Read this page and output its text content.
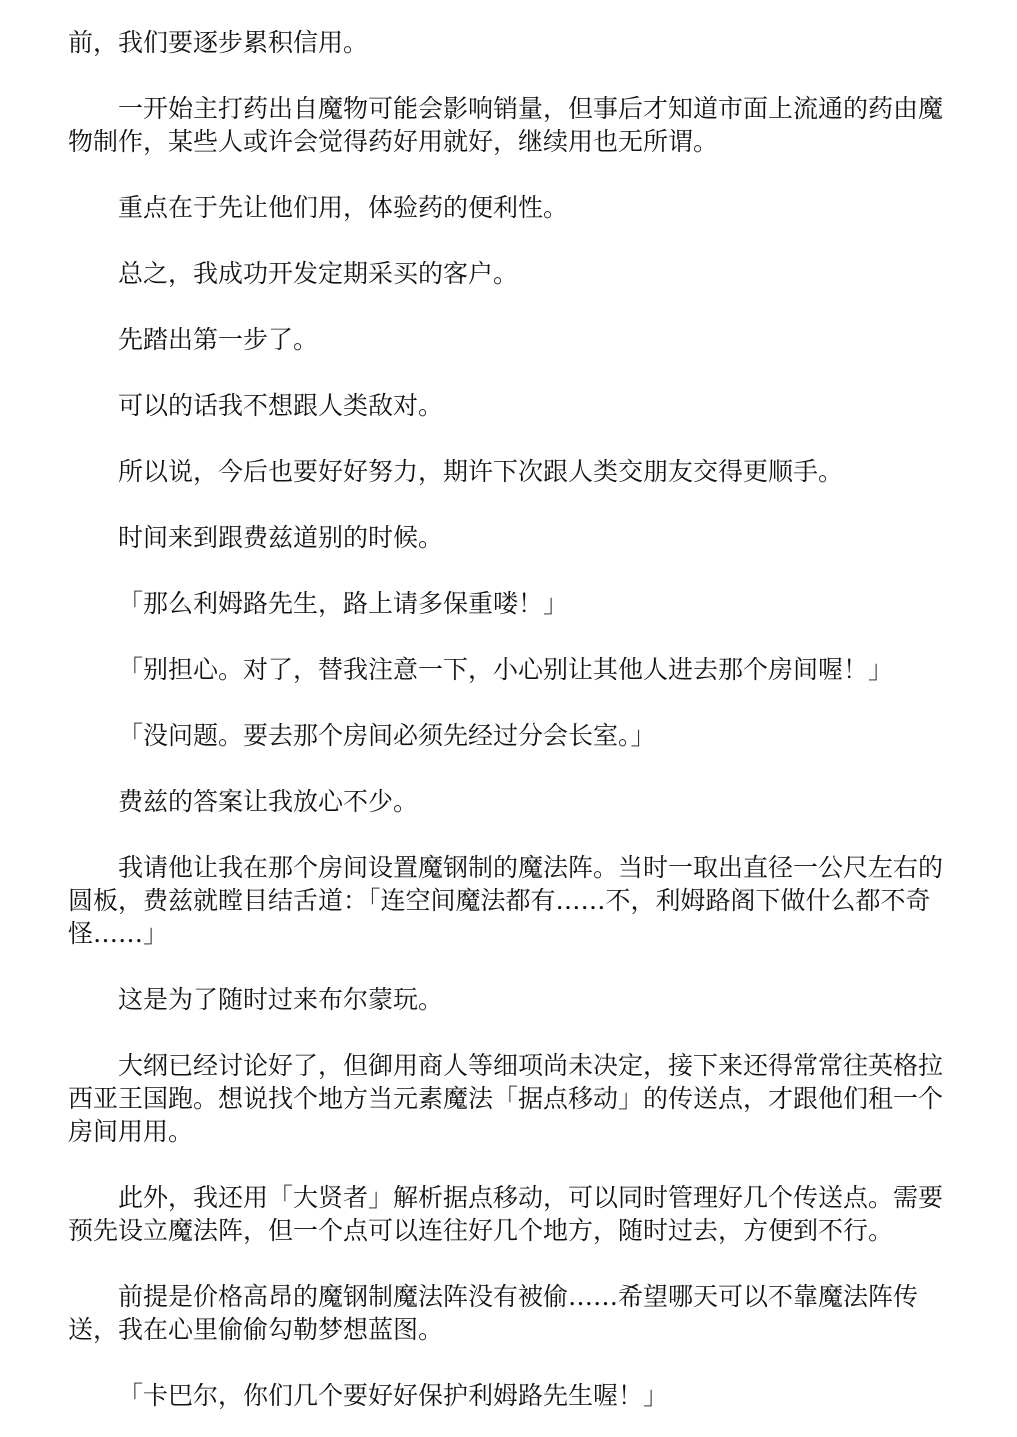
前，我们要逐步累积信用。

一开始主打药出自魔物可能会影响销量，但事后才知道市面上流通的药由魔物制作，某些人或许会觉得药好用就好，继续用也无所谓。

重点在于先让他们用，体验药的便利性。

总之，我成功开发定期采买的客户。

先踏出第一步了。

可以的话我不想跟人类敌对。

所以说，今后也要好好努力，期许下次跟人类交朋友交得更顺手。

时间来到跟费兹道别的时候。

「那么利姆路先生，路上请多保重喽！」

「别担心。对了，替我注意一下，小心别让其他人进去那个房间喔！」

「没问题。要去那个房间必须先经过分会长室。」

费兹的答案让我放心不少。

我请他让我在那个房间设置魔钢制的魔法阵。当时一取出直径一公尺左右的圆板，费兹就瞠目结舌道：「连空间魔法都有……不，利姆路阁下做什么都不奇怪……」

这是为了随时过来布尔蒙玩。

大纲已经讨论好了，但御用商人等细项尚未决定，接下来还得常常往英格拉西亚王国跑。想说找个地方当元素魔法「据点移动」的传送点，才跟他们租一个房间用用。

此外，我还用「大贤者」解析据点移动，可以同时管理好几个传送点。需要预先设立魔法阵，但一个点可以连往好几个地方，随时过去，方便到不行。

前提是价格高昂的魔钢制魔法阵没有被偷……希望哪天可以不靠魔法阵传送，我在心里偷偷勾勒梦想蓝图。

「卡巴尔，你们几个要好好保护利姆路先生喔！」
